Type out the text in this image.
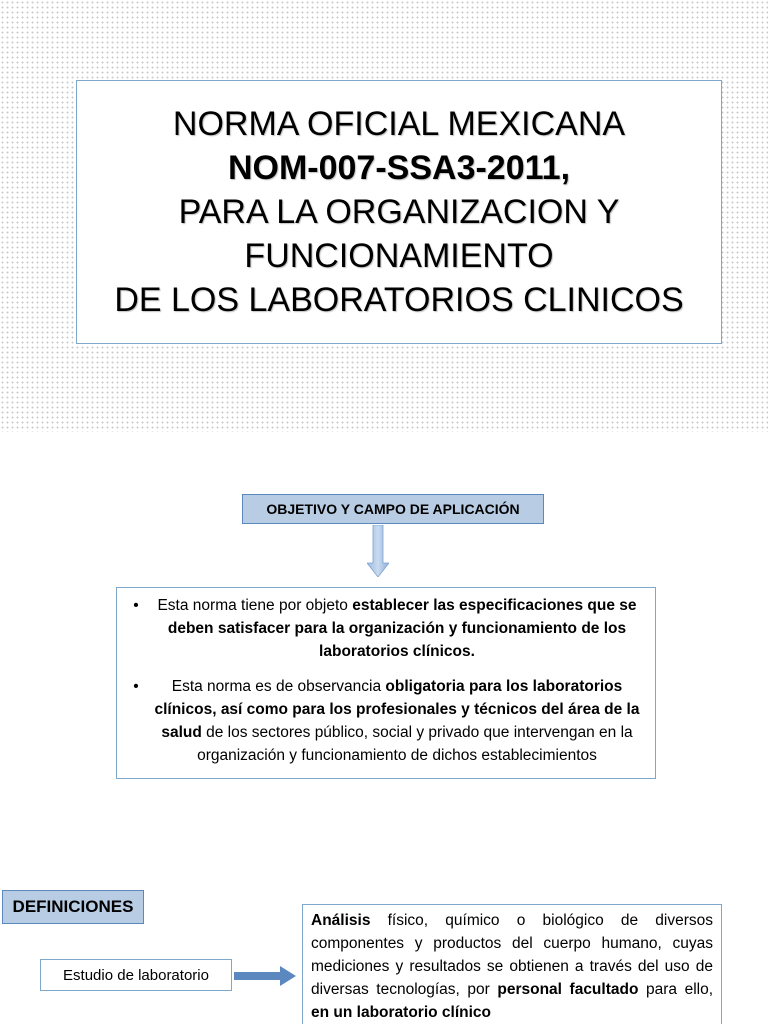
NORMA OFICIAL MEXICANA
NOM-007-SSA3-2011,
PARA LA ORGANIZACION Y
FUNCIONAMIENTO
DE LOS LABORATORIOS CLINICOS
OBJETIVO Y CAMPO DE APLICACIÓN
•	Esta norma tiene por objeto establecer las especificaciones que se deben satisfacer para la organización y funcionamiento de los laboratorios clínicos.
•	Esta norma es de observancia obligatoria para los laboratorios clínicos, así como para los profesionales y técnicos del área de la salud de los sectores público, social y privado que intervengan en la organización y funcionamiento de dichos establecimientos
DEFINICIONES
Estudio de laboratorio
Análisis físico, químico o biológico de diversos componentes y productos del cuerpo humano, cuyas mediciones y resultados se obtienen a través del uso de diversas tecnologías, por personal facultado para ello, en un laboratorio clínico
